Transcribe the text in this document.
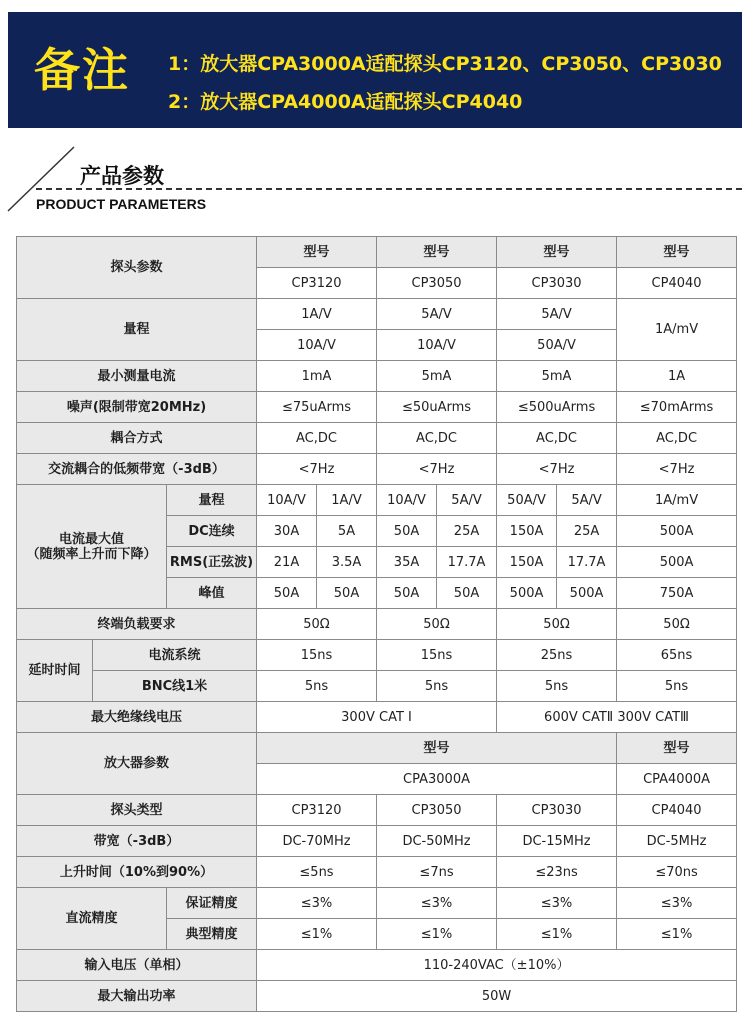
备注 1：放大器CPA3000A适配探头CP3120、CP3050、CP3030
2：放大器CPA4000A适配探头CP4040
产品参数
PRODUCT PARAMETERS
探头参数			型号		型号		型号		型号
			CP3120		CP3050		CP3030		CP4040
量程			1A/V		5A/V		5A/V		1A/mV
			10A/V		10A/V		50A/V		
最小测量电流			1mA		5mA		5mA		1A
噪声(限制带宽20MHz)			≤75uArms		≤50uArms		≤500uArms		≤70mArms
耦合方式			AC,DC		AC,DC		AC,DC		AC,DC
交流耦合的低频带宽（-3dB）			<7Hz		<7Hz		<7Hz		<7Hz
电流最大值
（随频率上升而下降）		量程	10A/V	1A/V	10A/V	5A/V	50A/V	5A/V	1A/mV
		DC连续	30A	5A	50A	25A	150A	25A	500A
		RMS(正弦波)	21A	3.5A	35A	17.7A	150A	17.7A	500A
		峰值	50A	50A	50A	50A	500A	500A	750A
终端负载要求			50Ω		50Ω		50Ω		50Ω
延时时间	电流系统		15ns		15ns		25ns		65ns
	BNC线1米		5ns		5ns		5ns		5ns
最大绝缘线电压			300V CAT Ⅰ				600V CATⅡ 300V CATⅢ		
放大器参数			型号						型号
			CPA3000A						CPA4000A
探头类型			CP3120		CP3050		CP3030		CP4040
带宽（-3dB）			DC-70MHz		DC-50MHz		DC-15MHz		DC-5MHz
上升时间（10%到90%）			≤5ns		≤7ns		≤23ns		≤70ns
直流精度		保证精度	≤3%		≤3%		≤3%		≤3%
		典型精度	≤1%		≤1%		≤1%		≤1%
输入电压（单相）			110-240VAC（±10%）						
最大输出功率			50W						
